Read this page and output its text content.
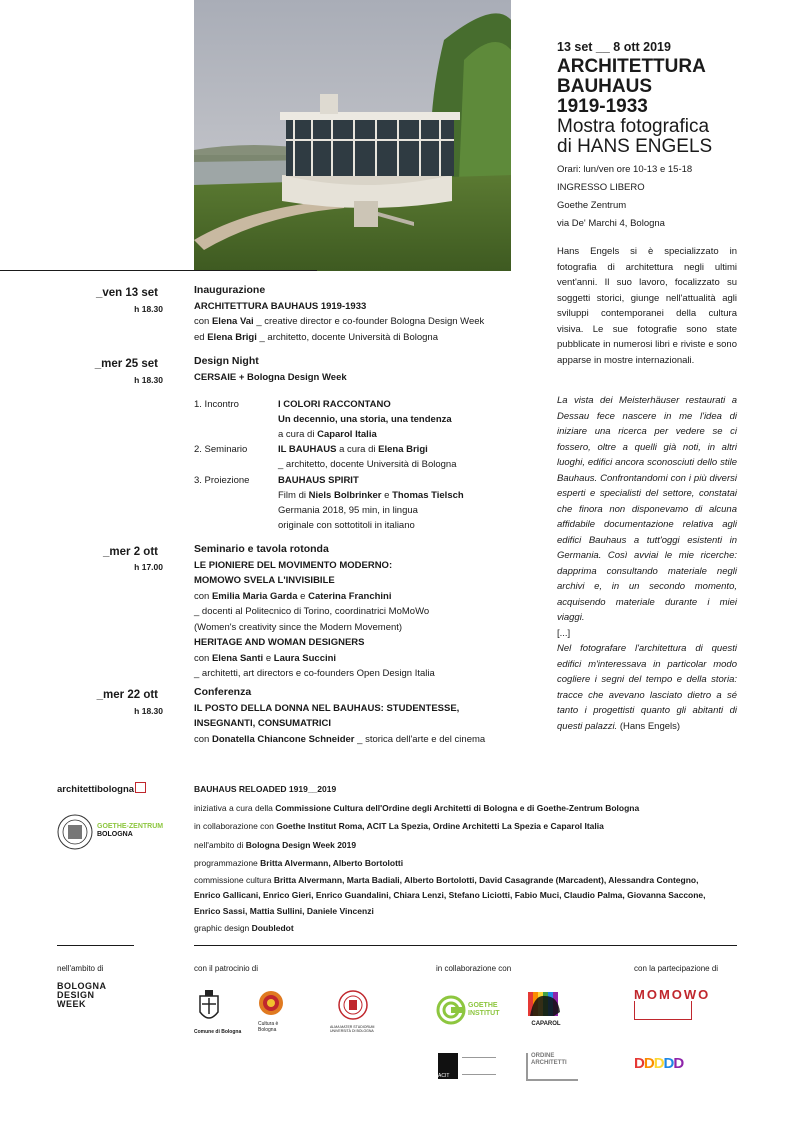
13 set __ 8 ott 2019
ARCHITETTURA
BAUHAUS
1919-1933
Mostra fotografica
di HANS ENGELS
Orari: lun/ven ore 10-13 e 15-18
INGRESSO LIBERO
Goethe Zentrum
via De' Marchi 4, Bologna
Hans Engels si è specializzato in fotografia di architettura negli ultimi vent'anni. Il suo lavoro, focalizzato su soggetti storici, giunge nell'attualità agli sviluppi contemporanei della cultura visiva. Le sue fotografie sono state pubblicate in numerosi libri e riviste e sono apparse in mostre internazionali.
La vista dei Meisterhäuser restaurati a Dessau fece nascere in me l'idea di iniziare una ricerca per vedere se ci fossero, oltre a quelli già noti, in altri luoghi, edifici ancora sconosciuti dello stile Bauhaus. Confrontandomi con i più diversi esperti e specialisti del settore, constatai che finora non disponevamo di alcuna affidabile documentazione relativa agli edifici Bauhaus a tutt'oggi esistenti in Germania. Così avviai le mie ricerche: dapprima consultando materiale negli archivi e, in un secondo momento, acquisendo materiale durante i miei viaggi.
[...]
Nel fotografare l'architettura di questi edifici m'interessava in particolar modo cogliere i segni del tempo e della storia: tracce che avevano lasciato dietro a sé tanto i progettisti quanto gli abitanti di questi palazzi. (Hans Engels)
_ven 13 set
h 18.30
Inaugurazione
ARCHITETTURA BAUHAUS 1919-1933
con Elena Vai _ creative director e co-founder Bologna Design Week
ed Elena Brigi _ architetto, docente Università di Bologna
_mer 25 set
h 18.30
Design Night
CERSAIE + Bologna Design Week
1. Incontro	I COLORI RACCONTANO
Un decennio, una storia, una tendenza
a cura di Caparol Italia
2. Seminario	IL BAUHAUS a cura di Elena Brigi
_ architetto, docente Università di Bologna
3. Proiezione	BAUHAUS SPIRIT
Film di Niels Bolbrinker e Thomas Tielsch
Germania 2018, 95 min, in lingua
originale con sottotitoli in italiano
_mer 2 ott
h 17.00
Seminario e tavola rotonda
LE PIONIERE DEL MOVIMENTO MODERNO:
MOMOWO SVELA L'INVISIBILE
con Emilia Maria Garda e Caterina Franchini
_ docenti al Politecnico di Torino, coordinatrici MoMoWo
(Women's creativity since the Modern Movement)
HERITAGE AND WOMAN DESIGNERS
con Elena Santi e Laura Succini
_ architetti, art directors e co-founders Open Design Italia
_mer 22 ott
h 18.30
Conferenza
IL POSTO DELLA DONNA NEL BAUHAUS: STUDENTESSE,
INSEGNANTI, CONSUMATRICI
con Donatella Chiancone Schneider _ storica dell'arte e del cinema
architettibologna
GOETHE-ZENTRUM
BOLOGNA
BAUHAUS RELOADED 1919__2019
iniziativa a cura della Commissione Cultura dell'Ordine degli Architetti di Bologna e di Goethe-Zentrum Bologna
in collaborazione con Goethe Institut Roma, ACIT La Spezia, Ordine Architetti La Spezia e Caparol Italia
nell'ambito di Bologna Design Week 2019
programmazione Britta Alvermann, Alberto Bortolotti
commissione cultura Britta Alvermann, Marta Badiali, Alberto Bortolotti, David Casagrande (Marcadent), Alessandra Contegno,
Enrico Gallicani, Enrico Gieri, Enrico Guandalini, Chiara Lenzi, Stefano Liciotti, Fabio Muci, Claudio Palma, Giovanna Saccone,
Enrico Sassi, Mattia Sullini, Daniele Vincenzi
graphic design Doubledot
nell'ambito di	con il patrocinio di	in collaborazione con	con la partecipazione di
BOLOGNA
DESIGN
WEEK
Comune di Bologna
Cultura è Bologna	ALMA MATER STUDIORUM UNIVERSITÀ DI BOLOGNA
GOETHE
INSTITUT
CAPAROL
ACIT
ORDINE ARCHITETTI
MOMOWO
DDDDD
